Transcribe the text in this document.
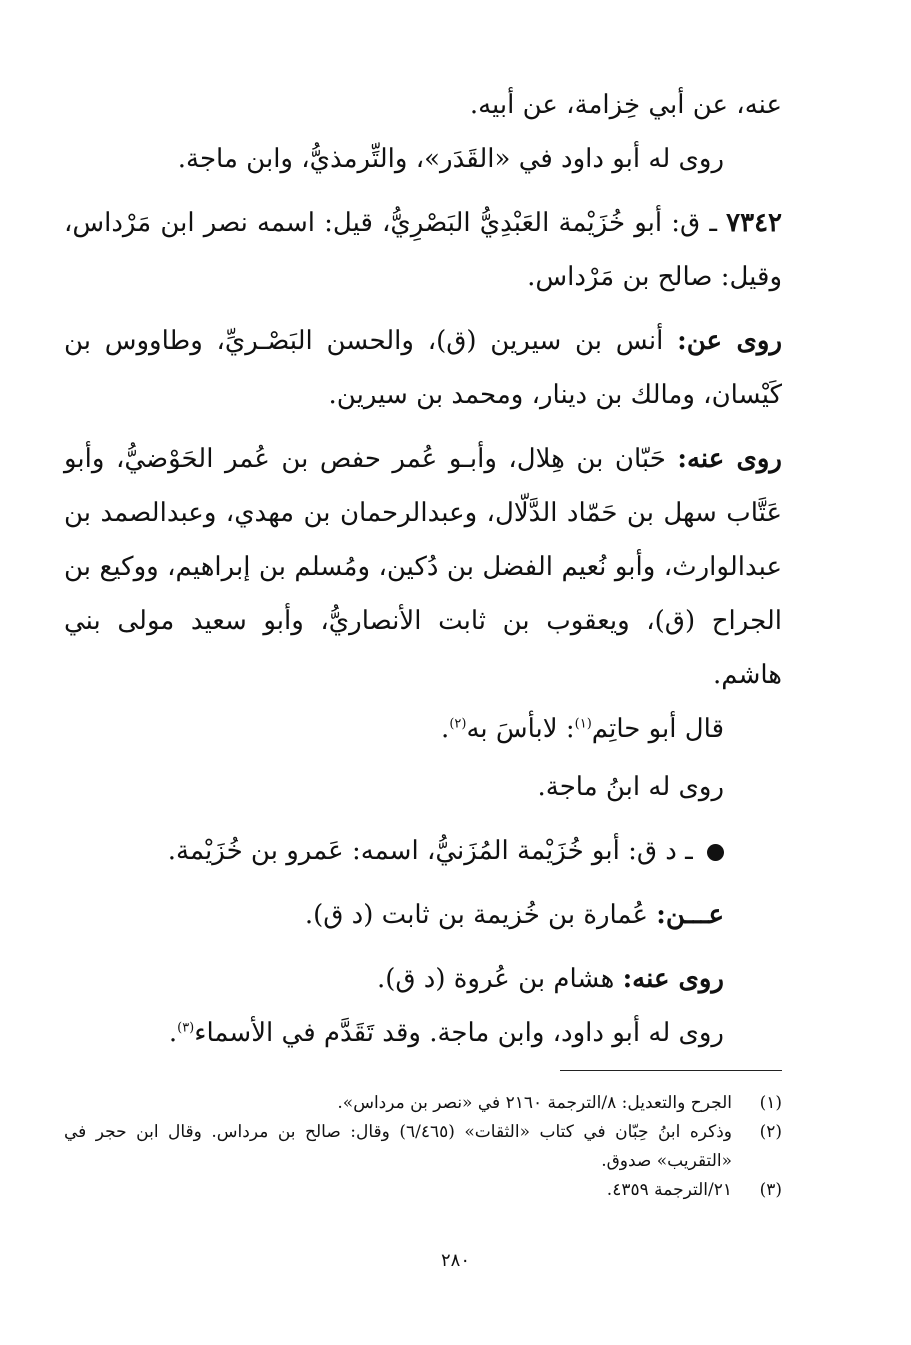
عنه، عن أبي خِزامة، عن أبيه.

روى له أبو داود في «القَدَر»، والتِّرمذيُّ، وابن ماجة.

٧٣٤٢ ـ ق: أبو خُزَيْمة العَبْدِيُّ البَصْرِيُّ، قيل: اسمه نصر ابن مَرْداس، وقيل: صالح بن مَرْداس.

روى عن: أنس بن سيرين (ق)، والحسن البَصْـريِّ، وطاووس بن كَيْسان، ومالك بن دينار، ومحمد بن سيرين.

روى عنه: حَبّان بن هِلال، وأبـو عُمر حفص بن عُمر الحَوْضيُّ، وأبو عَتَّاب سهل بن حَمّاد الدَّلّال، وعبدالرحمان بن مهدي، وعبدالصمد بن عبدالوارث، وأبو نُعيم الفضل بن دُكين، ومُسلم بن إبراهيم، ووكيع بن الجراح (ق)، ويعقوب بن ثابت الأنصاريُّ، وأبو سعيد مولى بني هاشم.

قال أبو حاتِم$^{(١)}$: لابأسَ به$^{(٢)}$.

روى له ابنُ ماجة.

ـ د ق: أبو خُزَيْمة المُزَنيُّ، اسمه: عَمرو بن خُزَيْمة.

عـــن: عُمارة بن خُزيمة بن ثابت (د ق).

روى عنه: هشام بن عُروة (د ق).

روى له أبو داود، وابن ماجة. وقد تَقَدَّم في الأسماء$^{(٣)}$.

(١)
الجرح والتعديل: ٨/الترجمة ٢١٦٠ في «نصر بن مرداس».
(٢)
وذكره ابنُ حِبّان في كتاب «الثقات» (٦/٤٦٥) وقال: صالح بن مرداس. وقال ابن حجر في «التقريب» صدوق.
(٣)
٢١/الترجمة ٤٣٥٩.
٢٨٠
